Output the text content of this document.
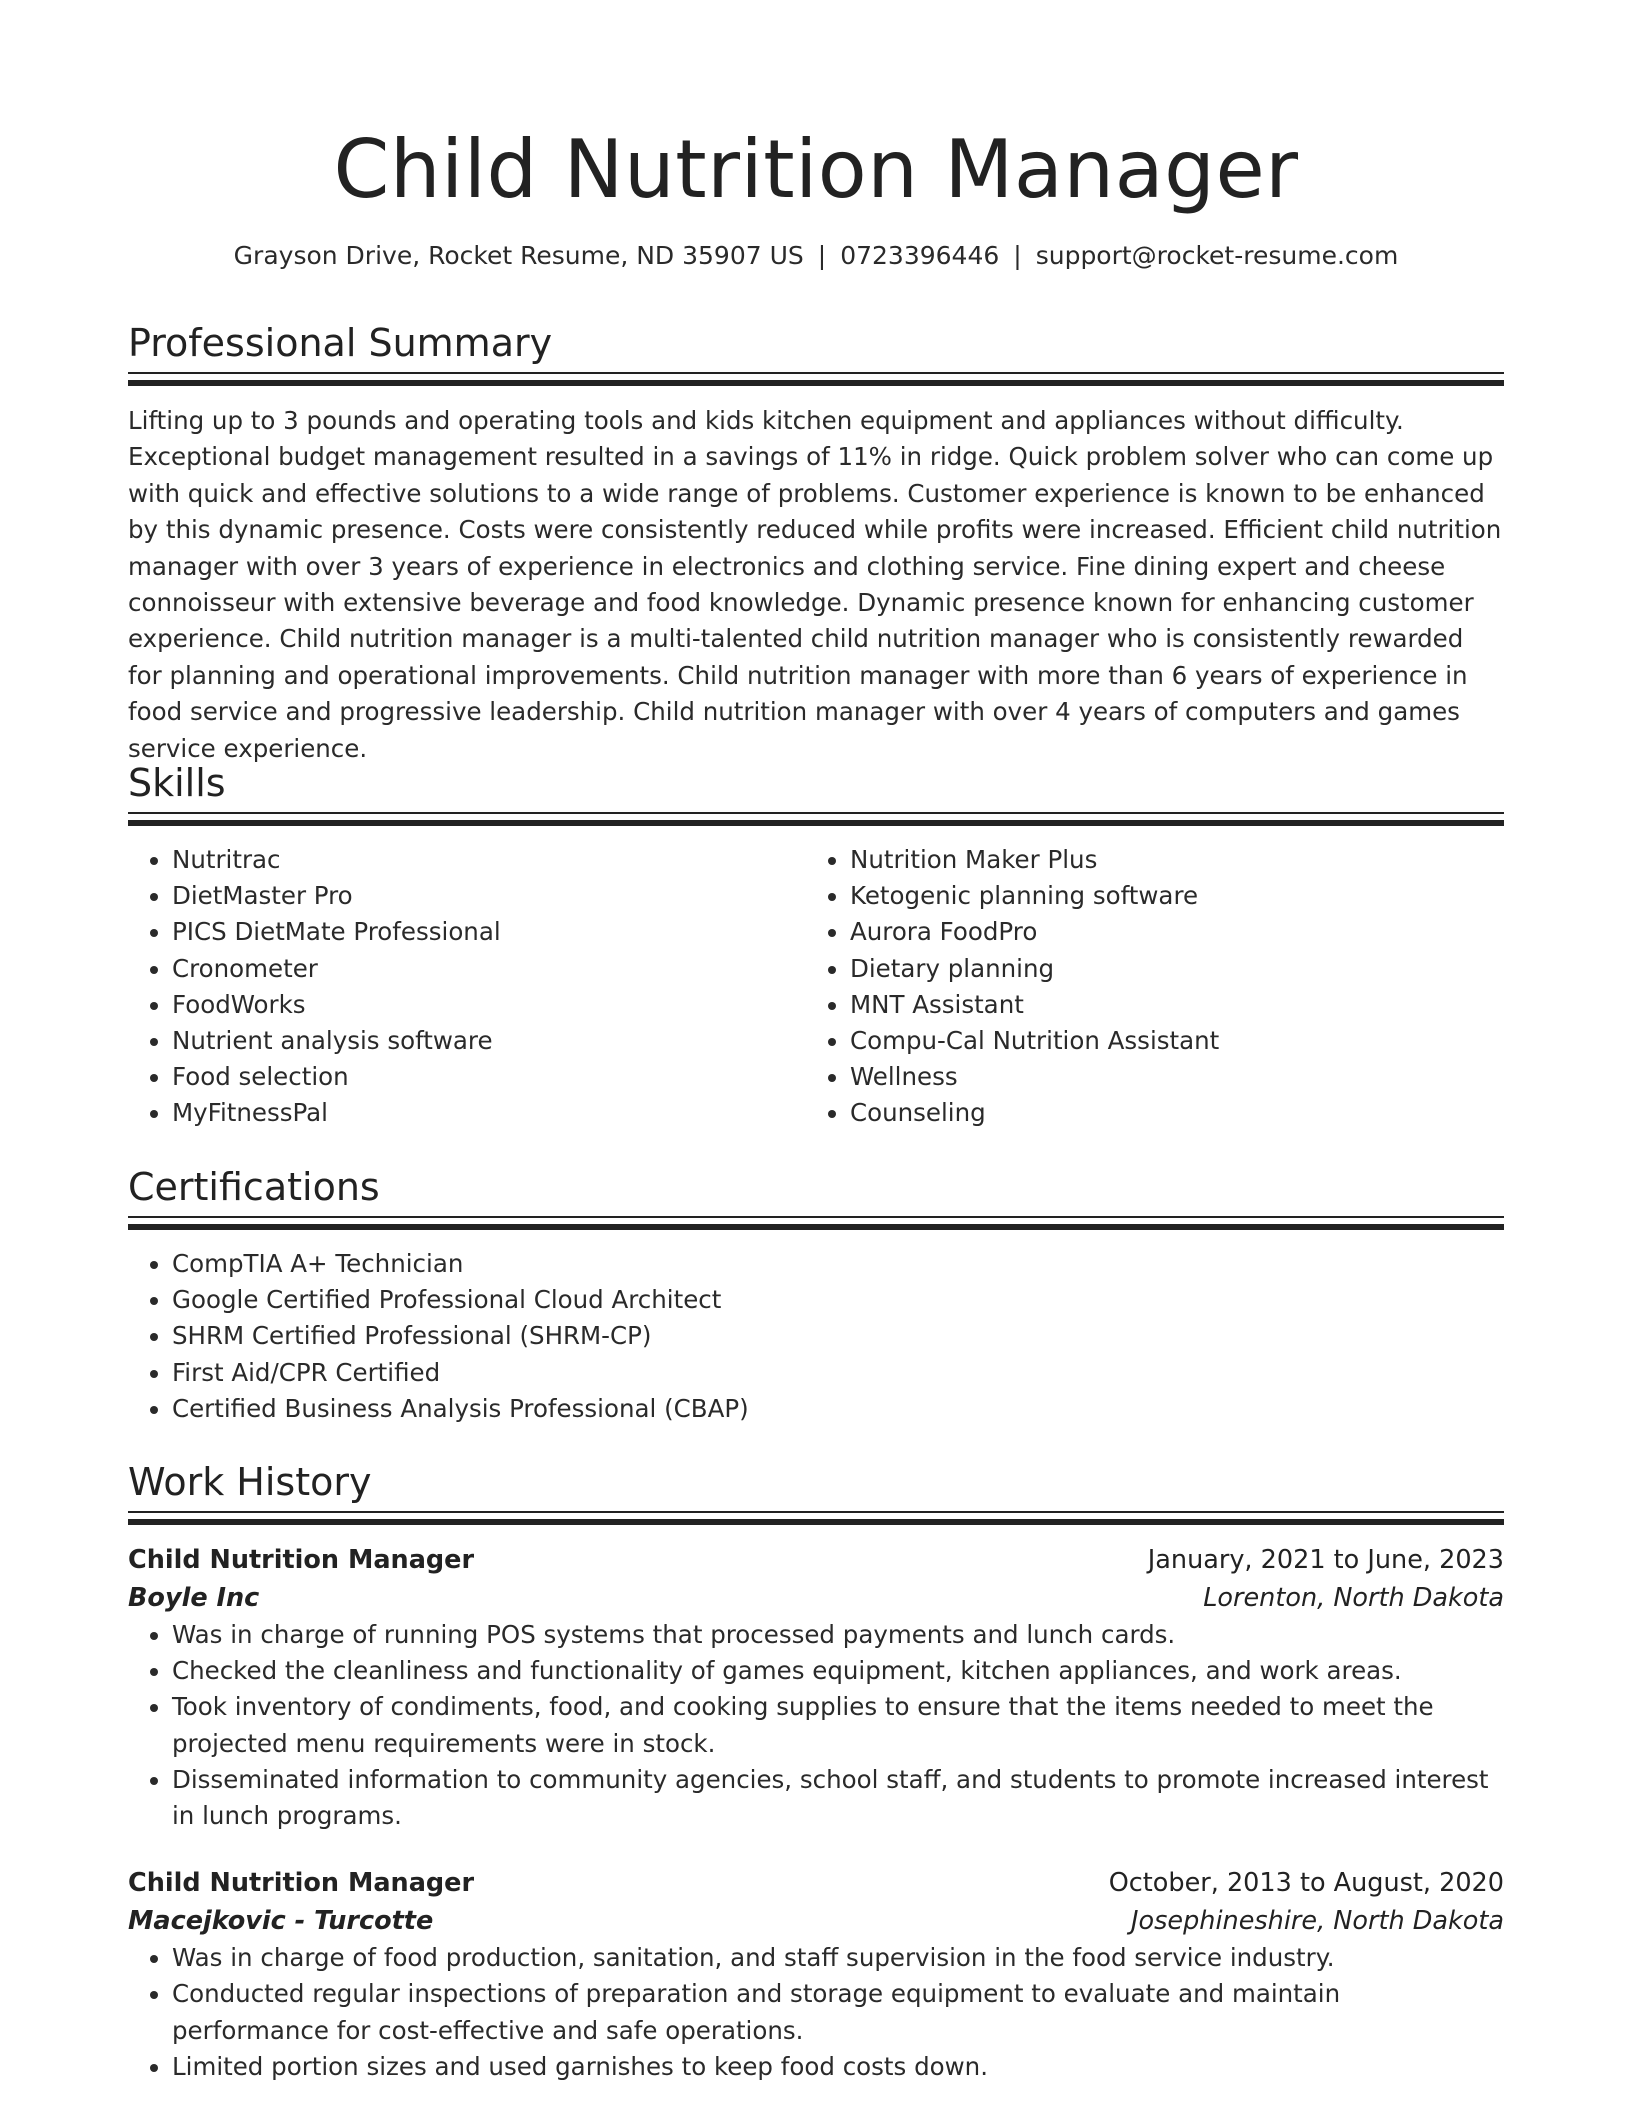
Child Nutrition Manager
Grayson Drive, Rocket Resume, ND 35907 US | 0723396446 | support@rocket-resume.com
Professional Summary

Lifting up to 3 pounds and operating tools and kids kitchen equipment and appliances without difficulty. Exceptional budget management resulted in a savings of 11% in ridge. Quick problem solver who can come up with quick and effective solutions to a wide range of problems. Customer experience is known to be enhanced by this dynamic presence. Costs were consistently reduced while profits were increased. Efficient child nutrition manager with over 3 years of experience in electronics and clothing service. Fine dining expert and cheese connoisseur with extensive beverage and food knowledge. Dynamic presence known for enhancing customer experience. Child nutrition manager is a multi-talented child nutrition manager who is consistently rewarded for planning and operational improvements. Child nutrition manager with more than 6 years of experience in food service and progressive leadership. Child nutrition manager with over 4 years of computers and games service experience.

Skills
• Nutritrac
• DietMaster Pro
• PICS DietMate Professional
• Cronometer
• FoodWorks
• Nutrient analysis software
• Food selection
• MyFitnessPal
• Nutrition Maker Plus
• Ketogenic planning software
• Aurora FoodPro
• Dietary planning
• MNT Assistant
• Compu-Cal Nutrition Assistant
• Wellness
• Counseling
Certifications
• CompTIA A+ Technician
• Google Certified Professional Cloud Architect
• SHRM Certified Professional (SHRM-CP)
• First Aid/CPR Certified
• Certified Business Analysis Professional (CBAP)
Work History
Child Nutrition Manager	January, 2021 to June, 2023
Boyle Inc	Lorenton, North Dakota
• Was in charge of running POS systems that processed payments and lunch cards.
• Checked the cleanliness and functionality of games equipment, kitchen appliances, and work areas.
• Took inventory of condiments, food, and cooking supplies to ensure that the items needed to meet the projected menu requirements were in stock.
• Disseminated information to community agencies, school staff, and students to promote increased interest in lunch programs.
Child Nutrition Manager	October, 2013 to August, 2020
Macejkovic - Turcotte	Josephineshire, North Dakota
• Was in charge of food production, sanitation, and staff supervision in the food service industry.
• Conducted regular inspections of preparation and storage equipment to evaluate and maintain performance for cost-effective and safe operations.
• Limited portion sizes and used garnishes to keep food costs down.
